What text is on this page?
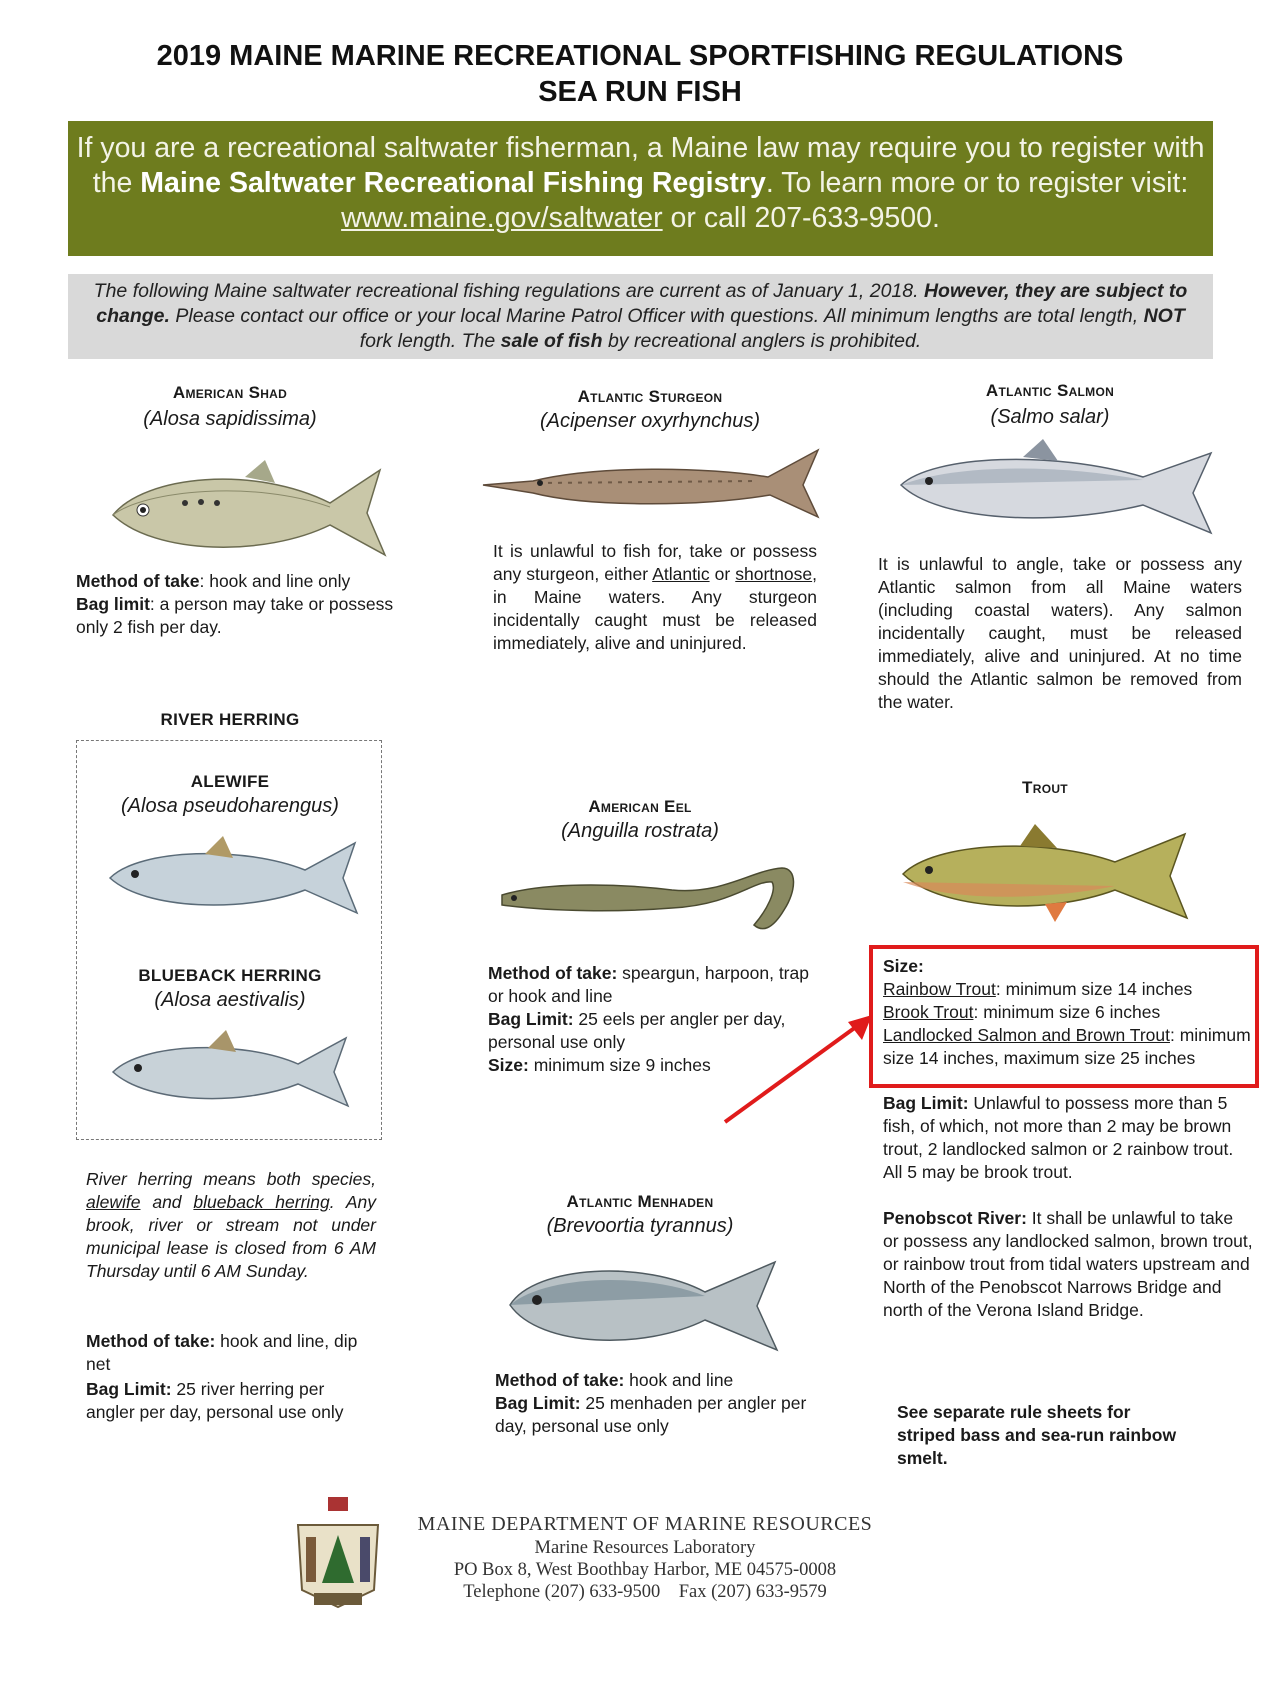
2019 MAINE MARINE RECREATIONAL SPORTFISHING REGULATIONS
SEA RUN FISH
If you are a recreational saltwater fisherman, a Maine law may require you to register with the Maine Saltwater Recreational Fishing Registry. To learn more or to register visit: www.maine.gov/saltwater or call 207-633-9500.
The following Maine saltwater recreational fishing regulations are current as of January 1, 2018. However, they are subject to change. Please contact our office or your local Marine Patrol Officer with questions. All minimum lengths are total length, NOT fork length. The sale of fish by recreational anglers is prohibited.
American Shad
(Alosa sapidissima)
Method of take: hook and line only
Bag limit: a person may take or possess only 2 fish per day.
Atlantic Sturgeon
(Acipenser oxyrhynchus)
It is unlawful to fish for, take or possess any sturgeon, either Atlantic or shortnose, in Maine waters. Any sturgeon incidentally caught must be released immediately, alive and uninjured.
Atlantic Salmon
(Salmo salar)
It is unlawful to angle, take or possess any Atlantic salmon from all Maine waters (including coastal waters). Any salmon incidentally caught, must be released immediately, alive and uninjured. At no time should the Atlantic salmon be removed from the water.
RIVER HERRING
ALEWIFE
(Alosa pseudoharengus)
BLUEBACK HERRING
(Alosa aestivalis)
River herring means both species, alewife and blueback herring. Any brook, river or stream not under municipal lease is closed from 6 AM Thursday until 6 AM Sunday.
Method of take: hook and line, dip net
Bag Limit: 25 river herring per angler per day, personal use only
American Eel
(Anguilla rostrata)
Method of take: speargun, harpoon, trap or hook and line
Bag Limit: 25 eels per angler per day, personal use only
Size: minimum size 9 inches
Atlantic Menhaden
(Brevoortia tyrannus)
Method of take: hook and line
Bag Limit: 25 menhaden per angler per day, personal use only
Trout
Size:
Rainbow Trout: minimum size 14 inches
Brook Trout: minimum size 6 inches
Landlocked Salmon and Brown Trout: minimum size 14 inches, maximum size 25 inches
Bag Limit: Unlawful to possess more than 5 fish, of which, not more than 2 may be brown trout, 2 landlocked salmon or 2 rainbow trout. All 5 may be brook trout.
Penobscot River: It shall be unlawful to take or possess any landlocked salmon, brown trout, or rainbow trout from tidal waters upstream and North of the Penobscot Narrows Bridge and north of the Verona Island Bridge.
See separate rule sheets for striped bass and sea-run rainbow smelt.
MAINE DEPARTMENT OF MARINE RESOURCES
Marine Resources Laboratory
PO Box 8, West Boothbay Harbor, ME 04575-0008
Telephone (207) 633-9500    Fax (207) 633-9579
